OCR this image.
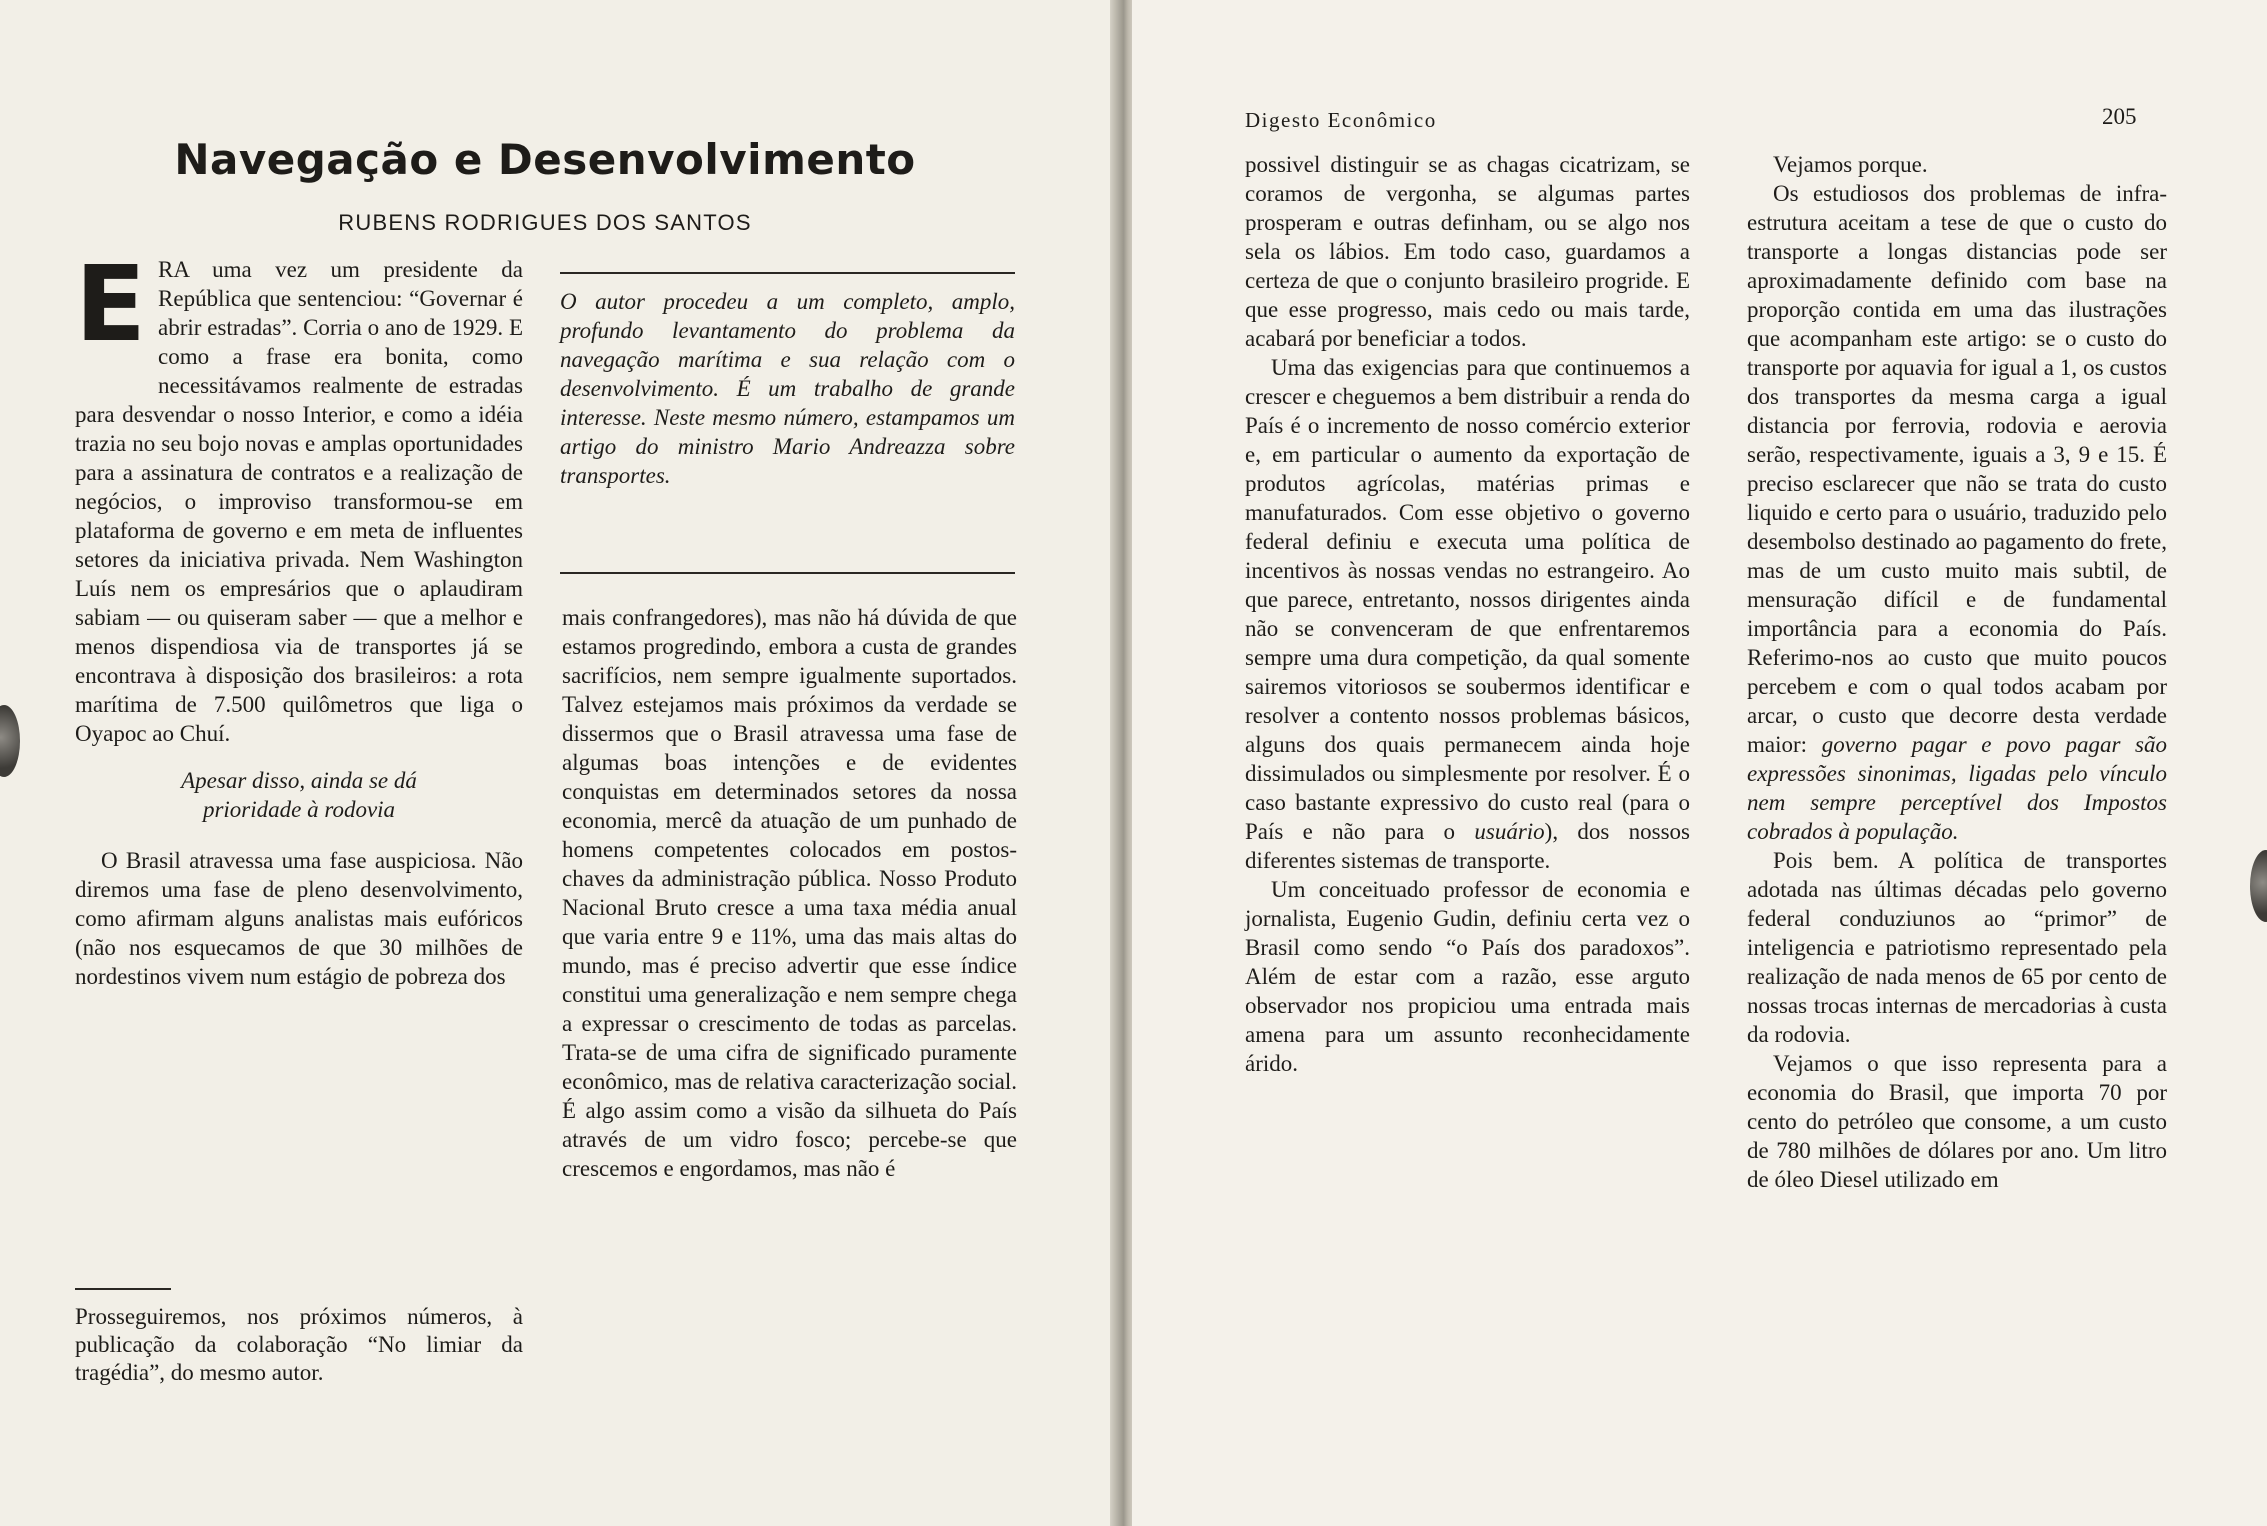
Navegação e Desenvolvimento
RUBENS RODRIGUES DOS SANTOS

E RA uma vez um presidente da República que sentenciou: “Governar é abrir estradas”. Corria o ano de 1929. E como a frase era bonita, como necessitávamos realmente de estradas para desvendar o nosso Interior, e como a idéia trazia no seu bojo novas e amplas oportunidades para a assinatura de contratos e a realização de negócios, o improviso transformou-se em plataforma de governo e em meta de influentes setores da iniciativa privada. Nem Washington Luís nem os empresários que o aplaudiram sabiam — ou quiseram saber — que a melhor e menos dispendiosa via de transportes já se encontrava à disposição dos brasileiros: a rota marítima de 7.500 quilômetros que liga o Oyapoc ao Chuí.

Apesar disso, ainda se dá
prioridade à rodovia

O Brasil atravessa uma fase auspiciosa. Não diremos uma fase de pleno desenvolvimento, como afirmam alguns analistas mais eufóricos (não nos esquecamos de que 30 milhões de nordestinos vivem num estágio de pobreza dos

Prosseguiremos, nos próximos números, à publicação da colaboração “No limiar da tragédia”, do mesmo autor.
O autor procedeu a um completo, amplo, profundo levantamento do problema da navegação marítima e sua relação com o desenvolvimento. É um trabalho de grande interesse. Neste mesmo número, estampamos um artigo do ministro Mario Andreazza sobre transportes.

mais confrangedores), mas não há dúvida de que estamos progredindo, embora a custa de grandes sacrifícios, nem sempre igualmente suportados. Talvez estejamos mais próximos da verdade se dissermos que o Brasil atravessa uma fase de algumas boas intenções e de evidentes conquistas em determinados setores da nossa economia, mercê da atuação de um punhado de homens competentes colocados em postos-chaves da administração pública. Nosso Produto Nacional Bruto cresce a uma taxa média anual que varia entre 9 e 11%, uma das mais altas do mundo, mas é preciso advertir que esse índice constitui uma generalização e nem sempre chega a expressar o crescimento de todas as parcelas. Trata-se de uma cifra de significado puramente econômico, mas de relativa caracterização social. É algo assim como a visão da silhueta do País através de um vidro fosco; percebe-se que crescemos e engordamos, mas não é

Digesto Econômico	205

possivel distinguir se as chagas cicatrizam, se coramos de vergonha, se algumas partes prosperam e outras definham, ou se algo nos sela os lábios. Em todo caso, guardamos a certeza de que o conjunto brasileiro progride. E que esse progresso, mais cedo ou mais tarde, acabará por beneficiar a todos.

Uma das exigencias para que continuemos a crescer e cheguemos a bem distribuir a renda do País é o incremento de nosso comércio exterior e, em particular o aumento da exportação de produtos agrícolas, matérias primas e manufaturados. Com esse objetivo o governo federal definiu e executa uma política de incentivos às nossas vendas no estrangeiro. Ao que parece, entretanto, nossos dirigentes ainda não se convenceram de que enfrentaremos sempre uma dura competição, da qual somente sairemos vitoriosos se soubermos identificar e resolver a contento nossos problemas básicos, alguns dos quais permanecem ainda hoje dissimulados ou simplesmente por resolver. É o caso bastante expressivo do custo real (para o País e não para o usuário), dos nossos diferentes sistemas de transporte.

Um conceituado professor de economia e jornalista, Eugenio Gudin, definiu certa vez o Brasil como sendo “o País dos paradoxos”. Além de estar com a razão, esse arguto observador nos propiciou uma entrada mais amena para um assunto reconhecidamente árido.

Vejamos porque.

Os estudiosos dos problemas de infra-estrutura aceitam a tese de que o custo do transporte a longas distancias pode ser aproximadamente definido com base na proporção contida em uma das ilustrações que acompanham este artigo: se o custo do transporte por aquavia for igual a 1, os custos dos transportes da mesma carga a igual distancia por ferrovia, rodovia e aerovia serão, respectivamente, iguais a 3, 9 e 15. É preciso esclarecer que não se trata do custo liquido e certo para o usuário, traduzido pelo desembolso destinado ao pagamento do frete, mas de um custo muito mais subtil, de mensuração difícil e de fundamental importância para a economia do País. Referimo-nos ao custo que muito poucos percebem e com o qual todos acabam por arcar, o custo que decorre desta verdade maior: governo pagar e povo pagar são expressões sinonimas, ligadas pelo vínculo nem sempre perceptível dos Impostos cobrados à população.

Pois bem. A política de transportes adotada nas últimas décadas pelo governo federal conduziunos ao “primor” de inteligencia e patriotismo representado pela realização de nada menos de 65 por cento de nossas trocas internas de mercadorias à custa da rodovia.

Vejamos o que isso representa para a economia do Brasil, que importa 70 por cento do petróleo que consome, a um custo de 780 milhões de dólares por ano. Um litro de óleo Diesel utilizado em
